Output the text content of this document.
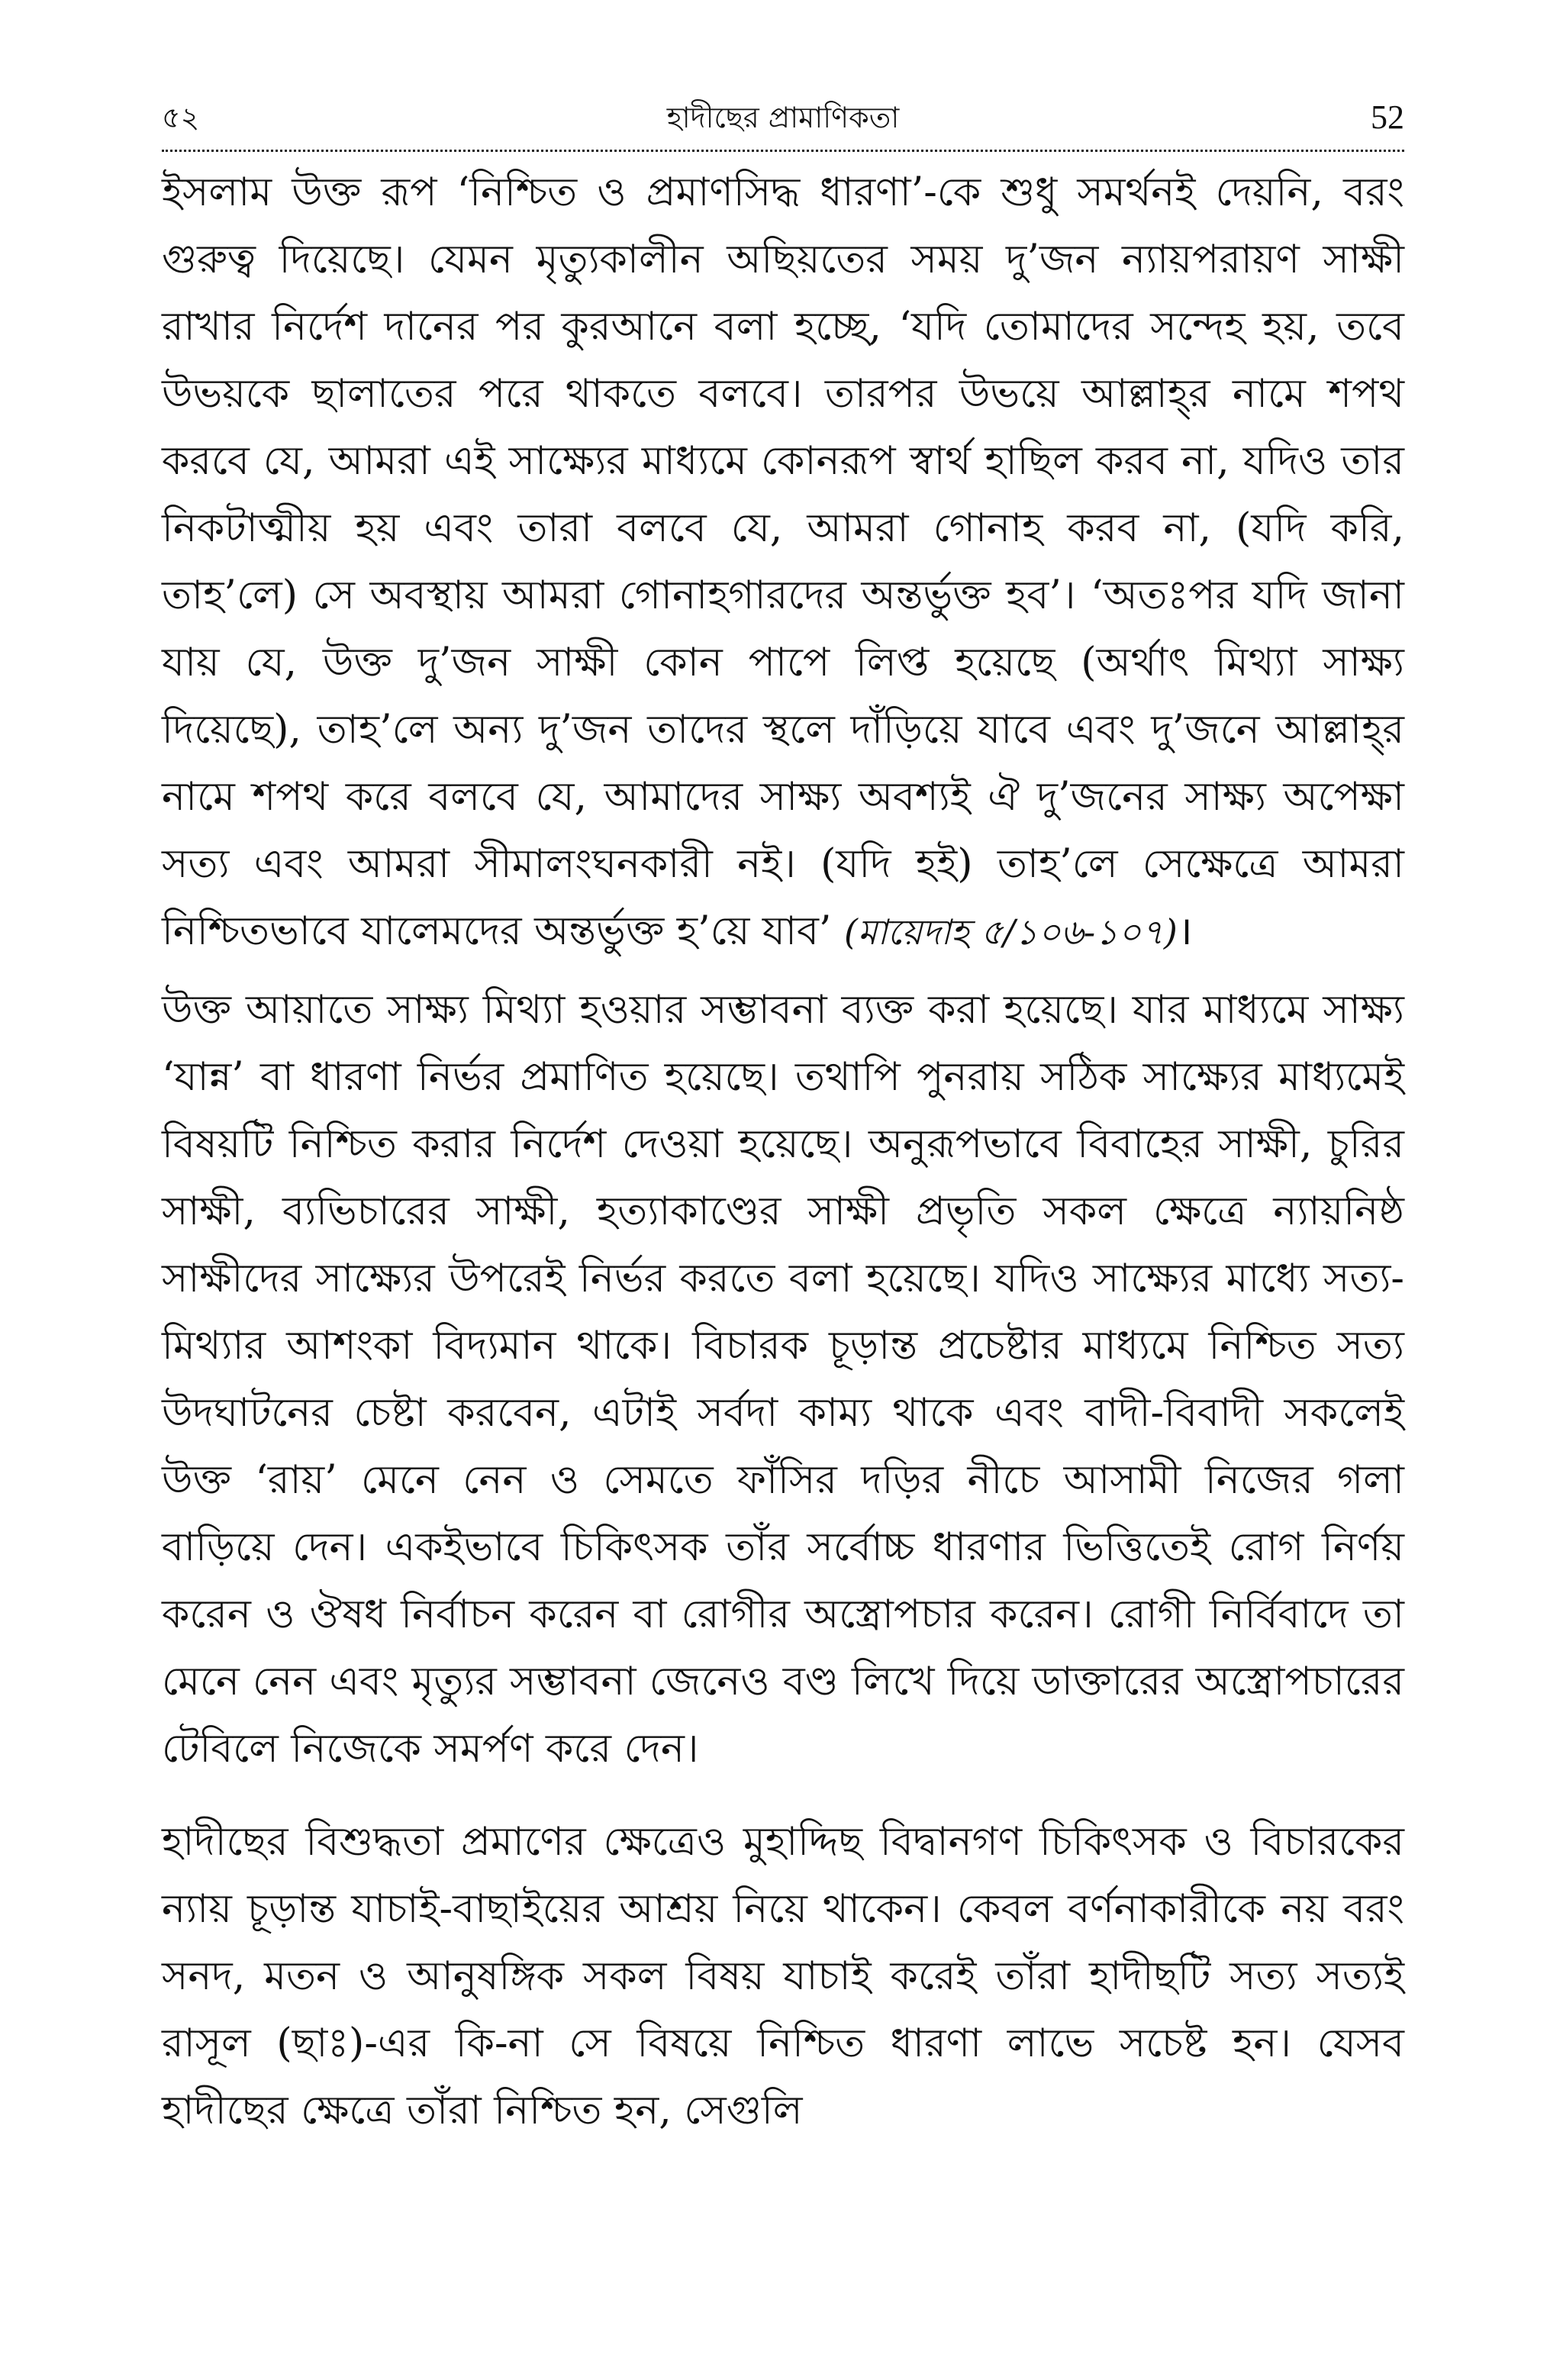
৫২	হাদীছের প্রামাণিকতা	52

ইসলাম উক্ত রূপ ‘নিশ্চিত ও প্রমাণসিদ্ধ ধারণা’-কে শুধু সমর্থনই দেয়নি, বরং গুরুত্ব দিয়েছে। যেমন মৃত্যুকালীন অছিয়তের সময় দু’জন ন্যায়পরায়ণ সাক্ষী রাখার নির্দেশ দানের পর কুরআনে বলা হচ্ছে, ‘যদি তোমাদের সন্দেহ হয়, তবে উভয়কে ছালাতের পরে থাকতে বলবে। তারপর উভয়ে আল্লাহ্‌র নামে শপথ করবে যে, আমরা এই সাক্ষ্যের মাধ্যমে কোনরূপ স্বার্থ হাছিল করব না, যদিও তার নিকটাত্মীয় হয় এবং তারা বলবে যে, আমরা গোনাহ করব না, (যদি করি, তাহ’লে) সে অবস্থায় আমরা গোনাহগারদের অন্তর্ভুক্ত হব’। ‘অতঃপর যদি জানা যায় যে, উক্ত দু’জন সাক্ষী কোন পাপে লিপ্ত হয়েছে (অর্থাৎ মিথ্যা সাক্ষ্য দিয়েছে), তাহ’লে অন্য দু’জন তাদের স্থলে দাঁড়িয়ে যাবে এবং দু’জনে আল্লাহ্‌র নামে শপথ করে বলবে যে, আমাদের সাক্ষ্য অবশ্যই ঐ দু’জনের সাক্ষ্য অপেক্ষা সত্য এবং আমরা সীমালংঘনকারী নই। (যদি হই) তাহ’লে সেক্ষেত্রে আমরা নিশ্চিতভাবে যালেমদের অন্তর্ভুক্ত হ’য়ে যাব’ (মায়েদাহ ৫/১০৬-১০৭)।

উক্ত আয়াতে সাক্ষ্য মিথ্যা হওয়ার সম্ভাবনা ব্যক্ত করা হয়েছে। যার মাধ্যমে সাক্ষ্য ‘যান্ন’ বা ধারণা নির্ভর প্রমাণিত হয়েছে। তথাপি পুনরায় সঠিক সাক্ষ্যের মাধ্যমেই বিষয়টি নিশ্চিত করার নির্দেশ দেওয়া হয়েছে। অনুরূপভাবে বিবাহের সাক্ষী, চুরির সাক্ষী, ব্যভিচারের সাক্ষী, হত্যাকাণ্ডের সাক্ষী প্রভৃতি সকল ক্ষেত্রে ন্যায়নিষ্ঠ সাক্ষীদের সাক্ষ্যের উপরেই নির্ভর করতে বলা হয়েছে। যদিও সাক্ষ্যের মাধ্যে সত্য-মিথ্যার আশংকা বিদ্যমান থাকে। বিচারক চূড়ান্ত প্রচেষ্টার মাধ্যমে নিশ্চিত সত্য উদঘাটনের চেষ্টা করবেন, এটাই সর্বদা কাম্য থাকে এবং বাদী-বিবাদী সকলেই উক্ত ‘রায়’ মেনে নেন ও সেমতে ফাঁসির দড়ির নীচে আসামী নিজের গলা বাড়িয়ে দেন। একইভাবে চিকিৎসক তাঁর সর্বোচ্চ ধারণার ভিত্তিতেই রোগ নির্ণয় করেন ও ঔষধ নির্বাচন করেন বা রোগীর অস্ত্রোপচার করেন। রোগী নির্বিবাদে তা মেনে নেন এবং মৃত্যুর সম্ভাবনা জেনেও বণ্ড লিখে দিয়ে ডাক্তারের অস্ত্রোপচারের টেবিলে নিজেকে সমর্পণ করে দেন।

হাদীছের বিশুদ্ধতা প্রমাণের ক্ষেত্রেও মুহাদ্দিছ বিদ্বানগণ চিকিৎসক ও বিচারকের ন্যায় চূড়ান্ত যাচাই-বাছাইয়ের আশ্রয় নিয়ে থাকেন। কেবল বর্ণনাকারীকে নয় বরং সনদ, মতন ও আনুষঙ্গিক সকল বিষয় যাচাই করেই তাঁরা হাদীছটি সত্য সত্যই রাসূল (ছাঃ)-এর কি-না সে বিষয়ে নিশ্চিত ধারণা লাভে সচেষ্ট হন। যেসব হাদীছের ক্ষেত্রে তাঁরা নিশ্চিত হন, সেগুলি
